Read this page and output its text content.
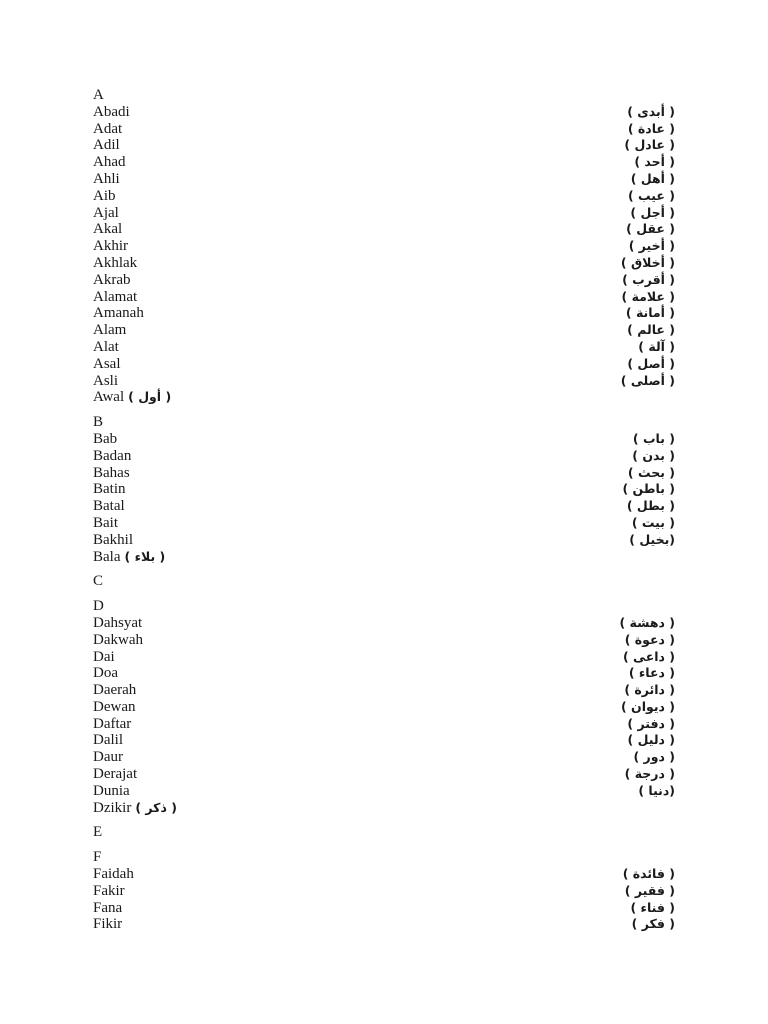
A
Abadi	( أبدى )
Adat	( عادة )
Adil	( عادل )
Ahad	( أحد )
Ahli	( أهل )
Aib	( عيب )
Ajal	( أجل )
Akal	( عقل )
Akhir	( أخير )
Akhlak	( أخلاق )
Akrab	( أقرب )
Alamat	( علامة )
Amanah	( أمانة )
Alam	( عالم )
Alat	( آلة )
Asal	( أصل )
Asli	( أصلى )
Awal ( أول )
B
Bab	( باب )
Badan	( بدن )
Bahas	( بحث )
Batin	( باطن )
Batal	( بطل )
Bait	( بيت )
Bakhil	(بخيل )
Bala ( بلاء )
C
D
Dahsyat	( دهشة )
Dakwah	( دعوة )
Dai	( داعى )
Doa	( دعاء )
Daerah	( دائرة )
Dewan	( ديوان )
Daftar	( دفتر )
Dalil	( دليل )
Daur	( دور )
Derajat	( درجة )
Dunia	(دنيا )
Dzikir ( ذكر )
E
F
Faidah	( فائدة )
Fakir	( فقير )
Fana	( فناء )
Fikir	( فكر )
